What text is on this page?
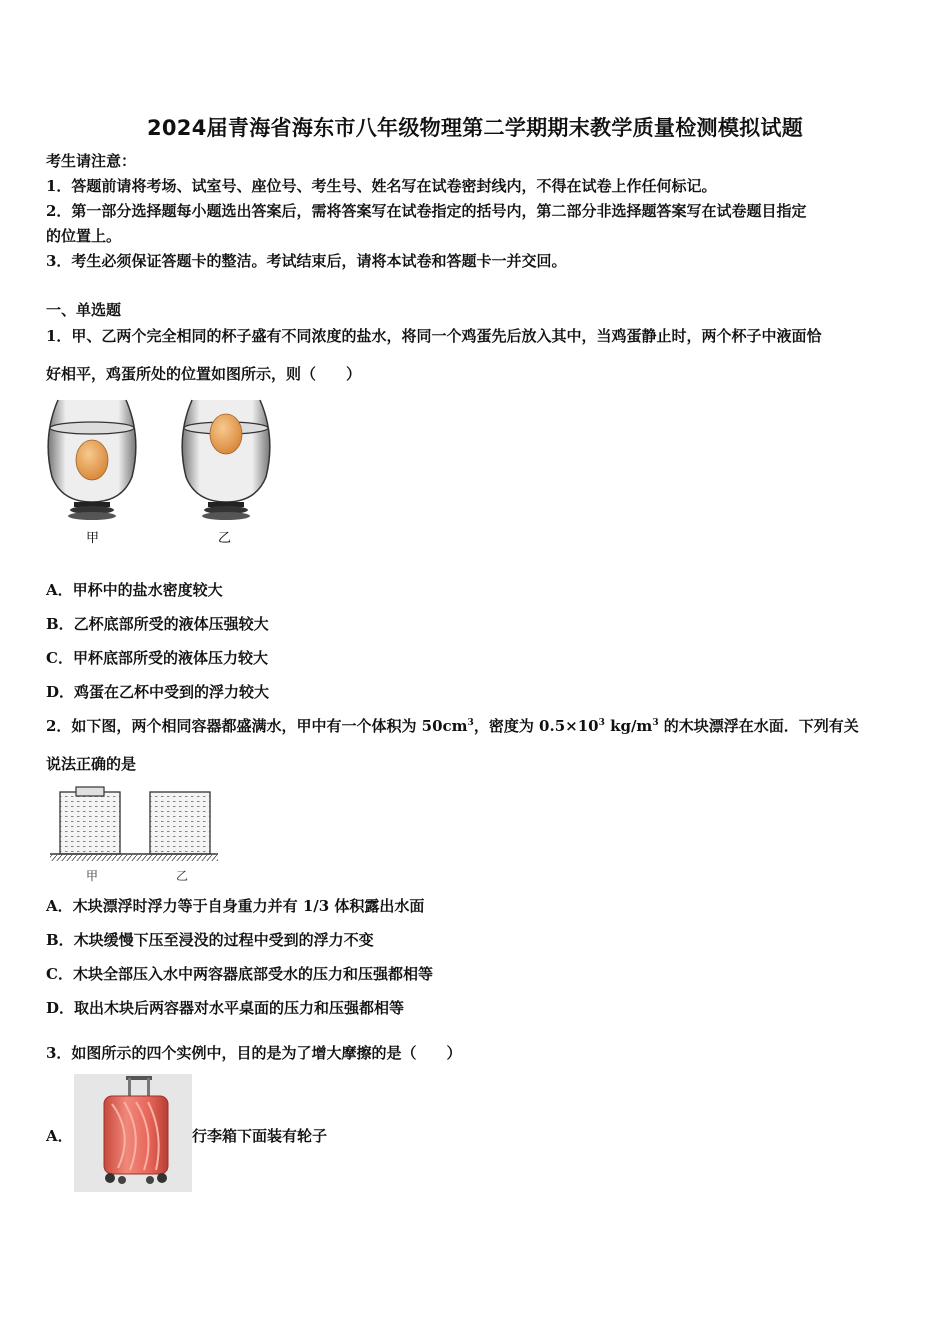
2024届青海省海东市八年级物理第二学期期末教学质量检测模拟试题
考生请注意：
1．答题前请将考场、试室号、座位号、考生号、姓名写在试卷密封线内，不得在试卷上作任何标记。
2．第一部分选择题每小题选出答案后，需将答案写在试卷指定的括号内，第二部分非选择题答案写在试卷题目指定
的位置上。
3．考生必须保证答题卡的整洁。考试结束后，请将本试卷和答题卡一并交回。
一、单选题
1．甲、乙两个完全相同的杯子盛有不同浓度的盐水，将同一个鸡蛋先后放入其中，当鸡蛋静止时，两个杯子中液面恰
好相平，鸡蛋所处的位置如图所示，则（　　）
甲	乙
A．甲杯中的盐水密度较大
B．乙杯底部所受的液体压强较大
C．甲杯底部所受的液体压力较大
D．鸡蛋在乙杯中受到的浮力较大
2．如下图，两个相同容器都盛满水，甲中有一个体积为 $50cm^3$，密度为 $0.5\times 10^3$ $kg/m^3$ 的木块漂浮在水面．下列有关
说法正确的是
甲	乙
A．木块漂浮时浮力等于自身重力并有 1/3 体积露出水面
B．木块缓慢下压至浸没的过程中受到的浮力不变
C．木块全部压入水中两容器底部受水的压力和压强都相等
D．取出木块后两容器对水平桌面的压力和压强都相等
3．如图所示的四个实例中，目的是为了增大摩擦的是（　　）
A．	行李箱下面装有轮子
